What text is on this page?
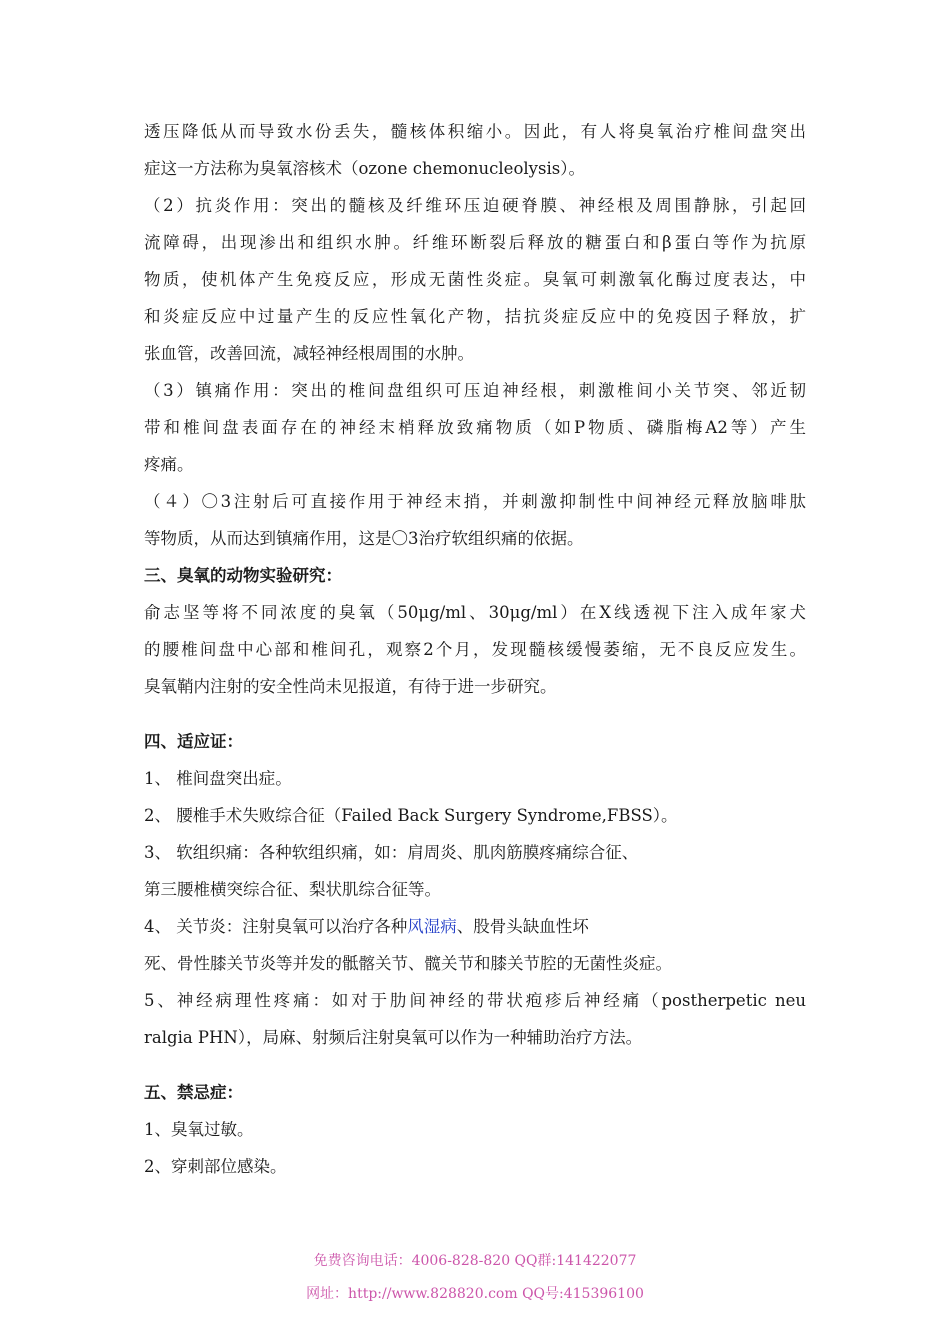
透压降低从而导致水份丢失，髓核体积缩小。因此，有人将臭氧治疗椎间盘突出
症这一方法称为臭氧溶核术（ozone chemonucleolysis）。
（2）抗炎作用：突出的髓核及纤维环压迫硬脊膜、神经根及周围静脉，引起回
流障碍，出现渗出和组织水肿。纤维环断裂后释放的糖蛋白和β蛋白等作为抗原
物质，使机体产生免疫反应，形成无菌性炎症。臭氧可刺激氧化酶过度表达，中
和炎症反应中过量产生的反应性氧化产物，拮抗炎症反应中的免疫因子释放，扩
张血管，改善回流，减轻神经根周围的水肿。
（3）镇痛作用：突出的椎间盘组织可压迫神经根，刺激椎间小关节突、邻近韧
带和椎间盘表面存在的神经末梢释放致痛物质（如P物质、磷脂梅A2等）产生
疼痛。
（４）〇3注射后可直接作用于神经末捎，并刺激抑制性中间神经元释放脑啡肽
等物质，从而达到镇痛作用，这是〇3治疗软组织痛的依据。
三、臭氧的动物实验研究：
俞志坚等将不同浓度的臭氧（50μg/ml、30μg/ml）在X线透视下注入成年家犬
的腰椎间盘中心部和椎间孔，观察2个月，发现髓核缓慢萎缩，无不良反应发生。
臭氧鞘内注射的安全性尚未见报道，有待于进一步研究。
四、适应证：
1、 椎间盘突出症。
2、 腰椎手术失败综合征（Failed Back Surgery Syndrome,FBSS）。
3、 软组织痛：各种软组织痛，如：肩周炎、肌肉筋膜疼痛综合征、
第三腰椎横突综合征、梨状肌综合征等。
4、 关节炎：注射臭氧可以治疗各种风湿病、股骨头缺血性坏
死、骨性膝关节炎等并发的骶髂关节、髋关节和膝关节腔的无菌性炎症。
5、神经病理性疼痛：如对于肋间神经的带状疱疹后神经痛（postherpetic neu
ralgia PHN），局麻、射频后注射臭氧可以作为一种辅助治疗方法。
五、禁忌症：
1、臭氧过敏。
2、穿刺部位感染。
免费咨询电话：4006-828-820 QQ群:141422077
网址：http://www.828820.com QQ号:415396100
